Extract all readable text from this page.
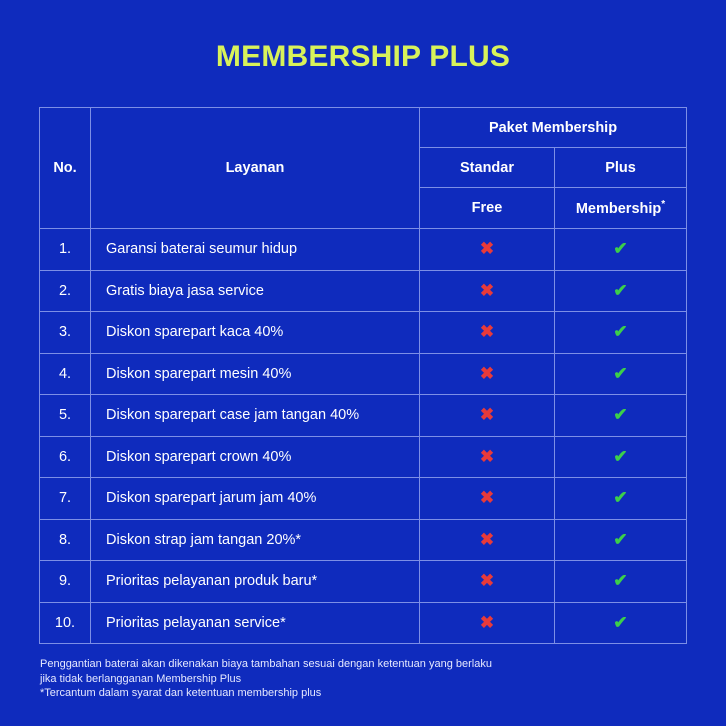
MEMBERSHIP PLUS
No.	Layanan	Paket Membership	
		Standar	Plus
		Free	Membership*
1.	Garansi baterai seumur hidup	✖	✔
2.	Gratis biaya jasa service	✖	✔
3.	Diskon sparepart kaca 40%	✖	✔
4.	Diskon sparepart mesin 40%	✖	✔
5.	Diskon sparepart case jam tangan 40%	✖	✔
6.	Diskon sparepart crown 40%	✖	✔
7.	Diskon sparepart jarum jam 40%	✖	✔
8.	Diskon strap jam tangan 20%*	✖	✔
9.	Prioritas pelayanan produk baru*	✖	✔
10.	Prioritas pelayanan service*	✖	✔
Penggantian baterai akan dikenakan biaya tambahan sesuai dengan ketentuan yang berlaku
jika tidak berlangganan Membership Plus
*Tercantum dalam syarat dan ketentuan membership plus
